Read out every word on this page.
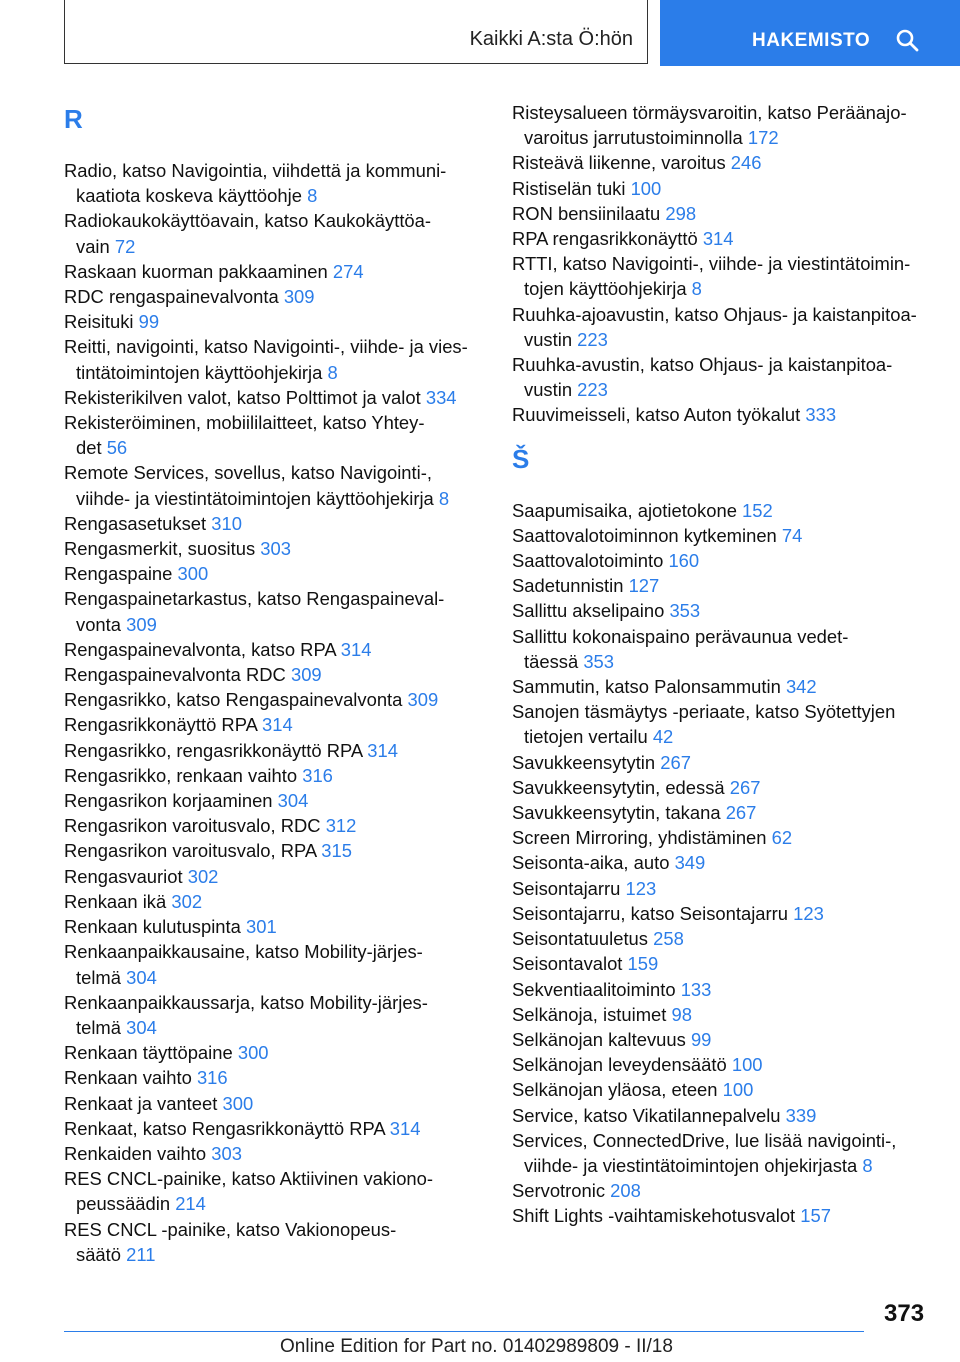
Kaikki A:sta Ö:hön	HAKEMISTO
R
Radio, katso Navigointia, viihdettä ja kommuni-
kaatiota koskeva käyttöohje 8
Radiokaukokäyttöavain, katso Kaukokäyttöa-
vain 72
Raskaan kuorman pakkaaminen 274
RDC rengaspainevalvonta 309
Reisituki 99
Reitti, navigointi, katso Navigointi-, viihde- ja vies-
tintätoimintojen käyttöohjekirja 8
Rekisterikilven valot, katso Polttimot ja valot 334
Rekisteröiminen, mobiililaitteet, katso Yhtey-
det 56
Remote Services, sovellus, katso Navigointi-,
viihde- ja viestintätoimintojen käyttöohjekirja 8
Rengasasetukset 310
Rengasmerkit, suositus 303
Rengaspaine 300
Rengaspainetarkastus, katso Rengaspaineval-
vonta 309
Rengaspainevalvonta, katso RPA 314
Rengaspainevalvonta RDC 309
Rengasrikko, katso Rengaspainevalvonta 309
Rengasrikkonäyttö RPA 314
Rengasrikko, rengasrikkonäyttö RPA 314
Rengasrikko, renkaan vaihto 316
Rengasrikon korjaaminen 304
Rengasrikon varoitusvalo, RDC 312
Rengasrikon varoitusvalo, RPA 315
Rengasvauriot 302
Renkaan ikä 302
Renkaan kulutuspinta 301
Renkaanpaikkausaine, katso Mobility-järjes-
telmä 304
Renkaanpaikkaussarja, katso Mobility-järjes-
telmä 304
Renkaan täyttöpaine 300
Renkaan vaihto 316
Renkaat ja vanteet 300
Renkaat, katso Rengasrikkonäyttö RPA 314
Renkaiden vaihto 303
RES CNCL-painike, katso Aktiivinen vakiono-
peussäädin 214
RES CNCL -painike, katso Vakionopeus-
säätö 211
Risteysalueen törmäysvaroitin, katso Peräänajo-
varoitus jarrutustoiminnolla 172
Risteävä liikenne, varoitus 246
Ristiselän tuki 100
RON bensiinilaatu 298
RPA rengasrikkonäyttö 314
RTTI, katso Navigointi-, viihde- ja viestintätoimin-
tojen käyttöohjekirja 8
Ruuhka-ajoavustin, katso Ohjaus- ja kaistanpitoa-
vustin 223
Ruuhka-avustin, katso Ohjaus- ja kaistanpitoa-
vustin 223
Ruuvimeisseli, katso Auton työkalut 333
Š
Saapumisaika, ajotietokone 152
Saattovalotoiminnon kytkeminen 74
Saattovalotoiminto 160
Sadetunnistin 127
Sallittu akselipaino 353
Sallittu kokonaispaino perävaunua vedet-
täessä 353
Sammutin, katso Palonsammutin 342
Sanojen täsmäytys -periaate, katso Syötettyjen
tietojen vertailu 42
Savukkeensytytin 267
Savukkeensytytin, edessä 267
Savukkeensytytin, takana 267
Screen Mirroring, yhdistäminen 62
Seisonta-aika, auto 349
Seisontajarru 123
Seisontajarru, katso Seisontajarru 123
Seisontatuuletus 258
Seisontavalot 159
Sekventiaalitoiminto 133
Selkänoja, istuimet 98
Selkänojan kaltevuus 99
Selkänojan leveydensäätö 100
Selkänojan yläosa, eteen 100
Service, katso Vikatilannepalvelu 339
Services, ConnectedDrive, lue lisää navigointi-,
viihde- ja viestintätoimintojen ohjekirjasta 8
Servotronic 208
Shift Lights -vaihtamiskehotusvalot 157
373
Online Edition for Part no. 01402989809 - II/18
